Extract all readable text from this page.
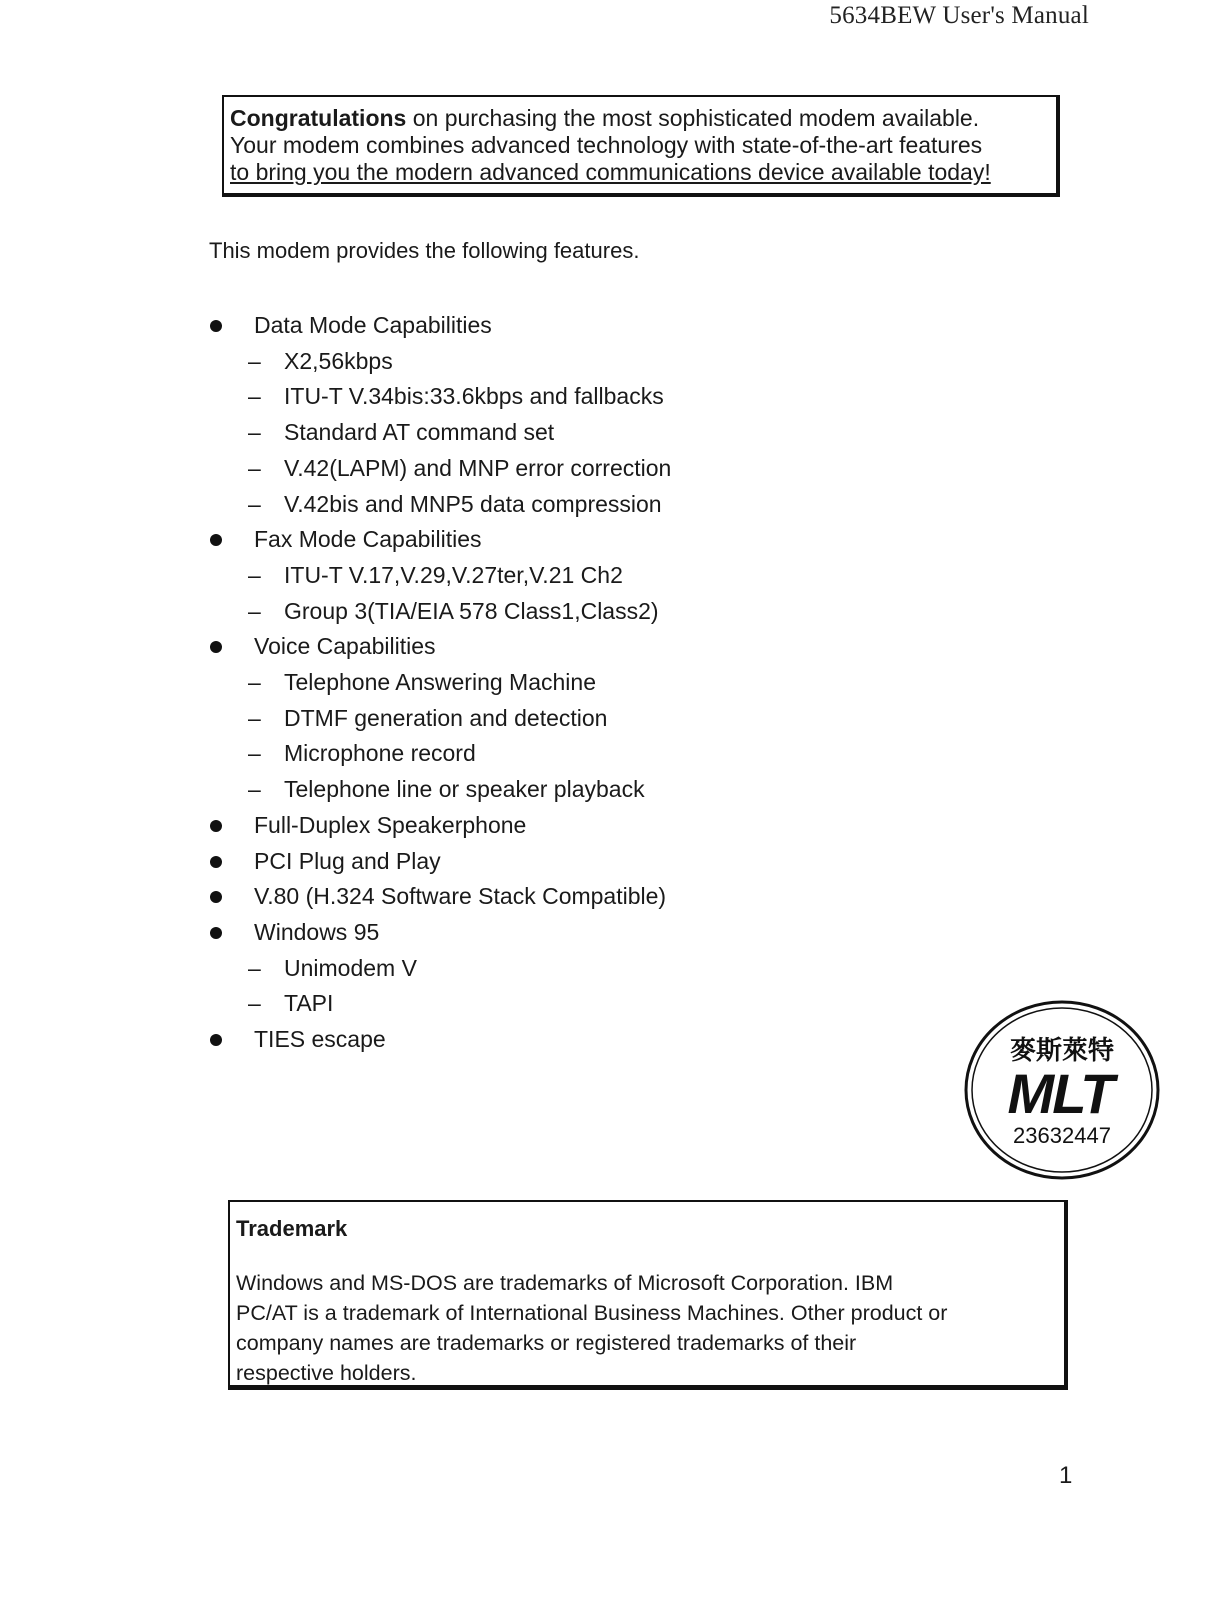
5634BEW User's Manual
Congratulations on purchasing the most sophisticated modem available.
Your modem combines advanced technology with state-of-the-art features
to bring you the modern advanced communications device available today!
This modem provides the following features.
Data Mode Capabilities
– X2,56kbps
– ITU-T V.34bis:33.6kbps and fallbacks
– Standard AT command set
– V.42(LAPM) and MNP error correction
– V.42bis and MNP5 data compression
Fax Mode Capabilities
– ITU-T V.17,V.29,V.27ter,V.21 Ch2
– Group 3(TIA/EIA 578 Class1,Class2)
Voice Capabilities
– Telephone Answering Machine
– DTMF generation and detection
– Microphone record
– Telephone line or speaker playback
Full-Duplex Speakerphone
PCI Plug and Play
V.80 (H.324 Software Stack Compatible)
Windows 95
– Unimodem V
– TAPI
TIES escape	麥斯萊特
MLT
23632447
Trademark
Windows and MS-DOS are trademarks of Microsoft Corporation. IBM
PC/AT is a trademark of International Business Machines. Other product or
company names are trademarks or registered trademarks of their
respective holders.
1
